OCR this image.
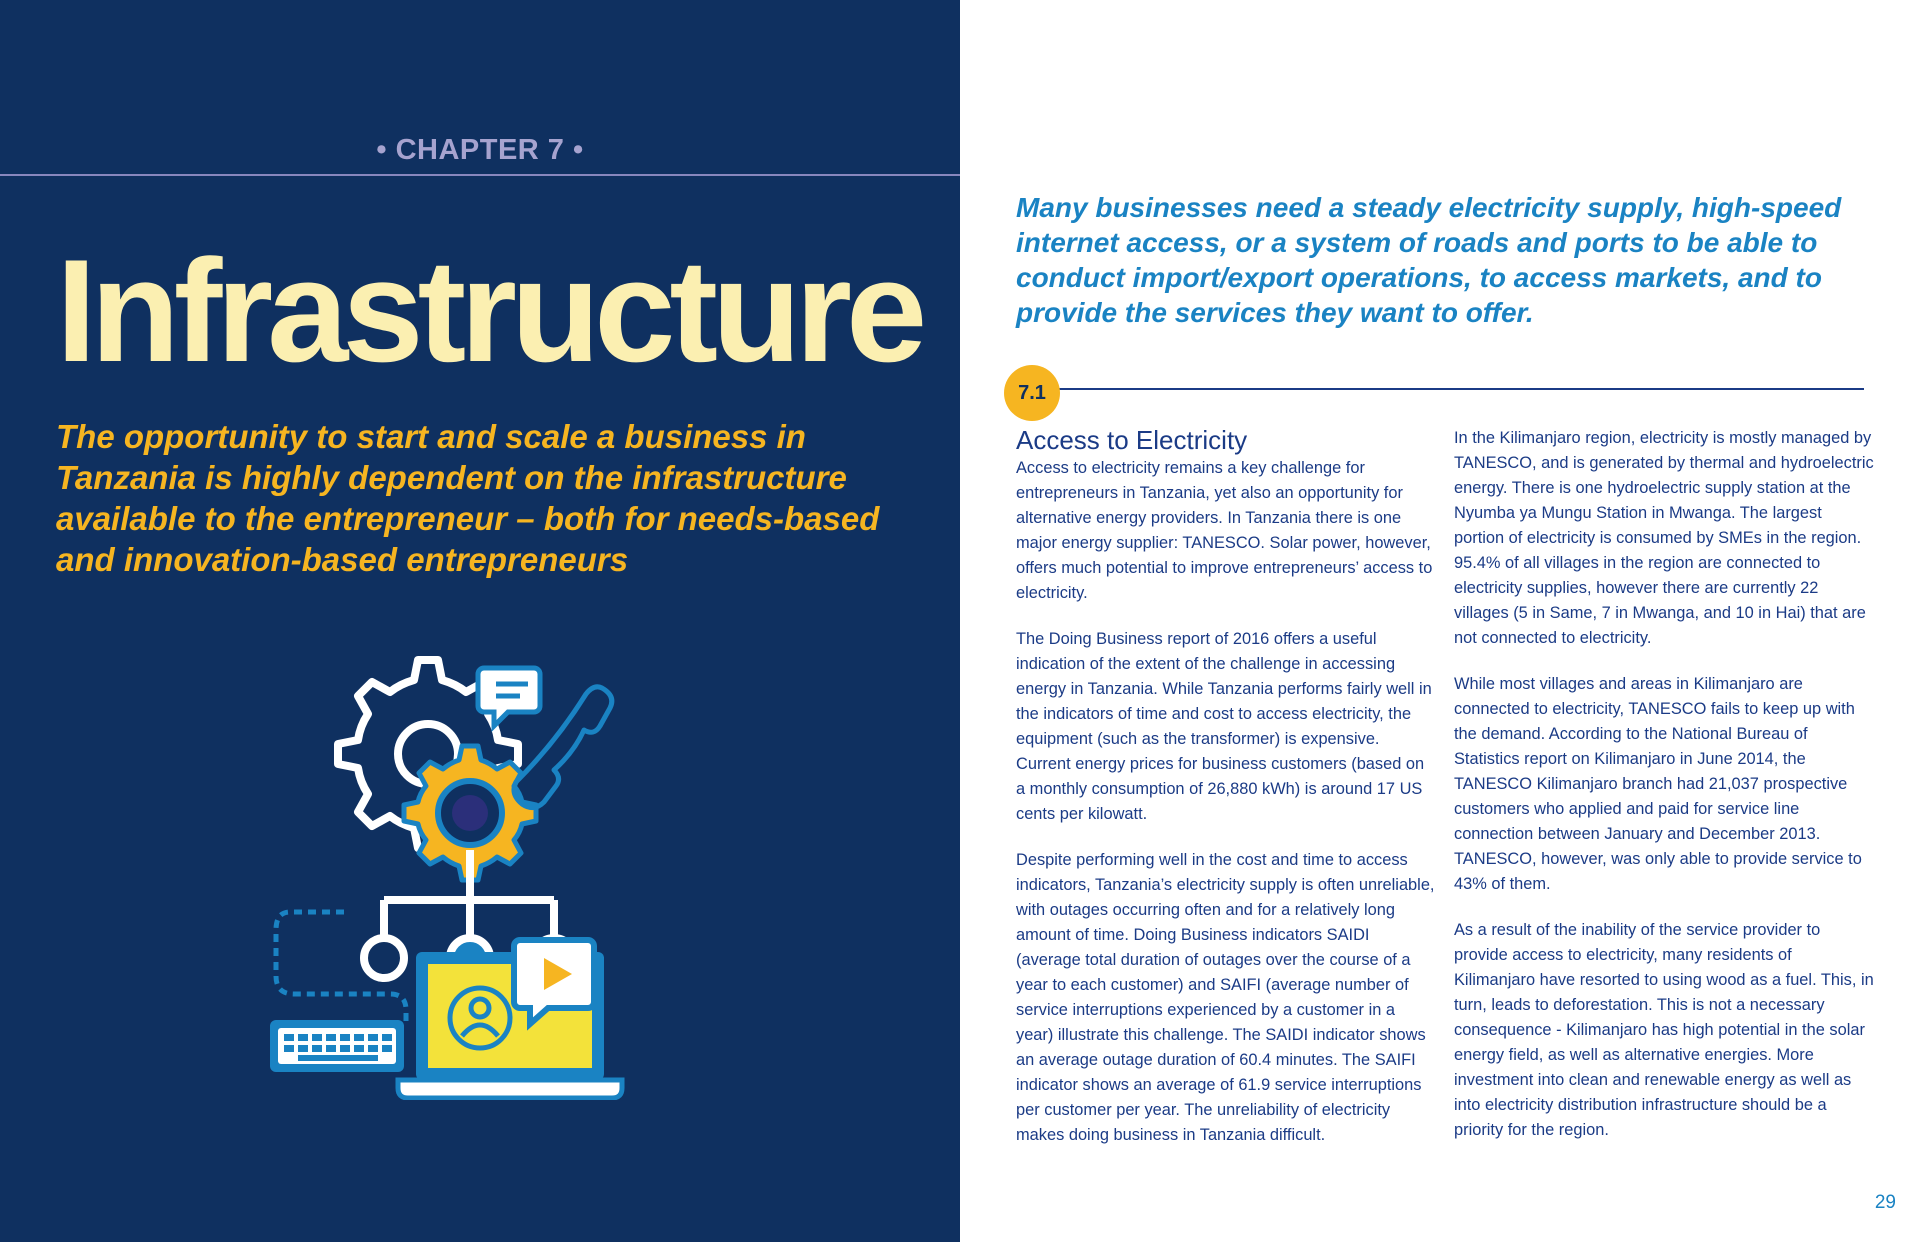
• CHAPTER 7 •
Infrastructure

The opportunity to start and scale a business in Tanzania is highly dependent on the infrastructure available to the entrepreneur – both for needs-based and innovation-based entrepreneurs

Many businesses need a steady electricity supply, high-speed internet access, or a system of roads and ports to be able to conduct import/export operations, to access markets, and to provide the services they want to offer.

7.1
Access to Electricity

Access to electricity remains a key challenge for entrepreneurs in Tanzania, yet also an opportunity for alternative energy providers. In Tanzania there is one major energy supplier: TANESCO. Solar power, however, offers much potential to improve entrepreneurs’ access to electricity.

The Doing Business report of 2016 offers a useful indication of the extent of the challenge in accessing energy in Tanzania. While Tanzania performs fairly well in the indicators of time and cost to access electricity, the equipment (such as the transformer) is expensive. Current energy prices for business customers (based on a monthly consumption of 26,880 kWh) is around 17 US cents per kilowatt.

Despite performing well in the cost and time to access indicators, Tanzania’s electricity supply is often unreliable, with outages occurring often and for a relatively long amount of time. Doing Business indicators SAIDI (average total duration of outages over the course of a year to each customer) and SAIFI (average number of service interruptions experienced by a customer in a year) illustrate this challenge. The SAIDI indicator shows an average outage duration of 60.4 minutes. The SAIFI indicator shows an average of 61.9 service interruptions per customer per year. The unreliability of electricity makes doing business in Tanzania difficult.

In the Kilimanjaro region, electricity is mostly managed by TANESCO, and is generated by thermal and hydroelectric energy. There is one hydroelectric supply station at the Nyumba ya Mungu Station in Mwanga. The largest portion of electricity is consumed by SMEs in the region. 95.4% of all villages in the region are connected to electricity supplies, however there are currently 22 villages (5 in Same, 7 in Mwanga, and 10 in Hai) that are not connected to electricity.

While most villages and areas in Kilimanjaro are connected to electricity, TANESCO fails to keep up with the demand. According to the National Bureau of Statistics report on Kilimanjaro in June 2014, the TANESCO Kilimanjaro branch had 21,037 prospective customers who applied and paid for service line connection between January and December 2013. TANESCO, however, was only able to provide service to 43% of them.

As a result of the inability of the service provider to provide access to electricity, many residents of Kilimanjaro have resorted to using wood as a fuel. This, in turn, leads to deforestation. This is not a necessary consequence - Kilimanjaro has high potential in the solar energy field, as well as alternative energies. More investment into clean and renewable energy as well as into electricity distribution infrastructure should be a priority for the region.

29
